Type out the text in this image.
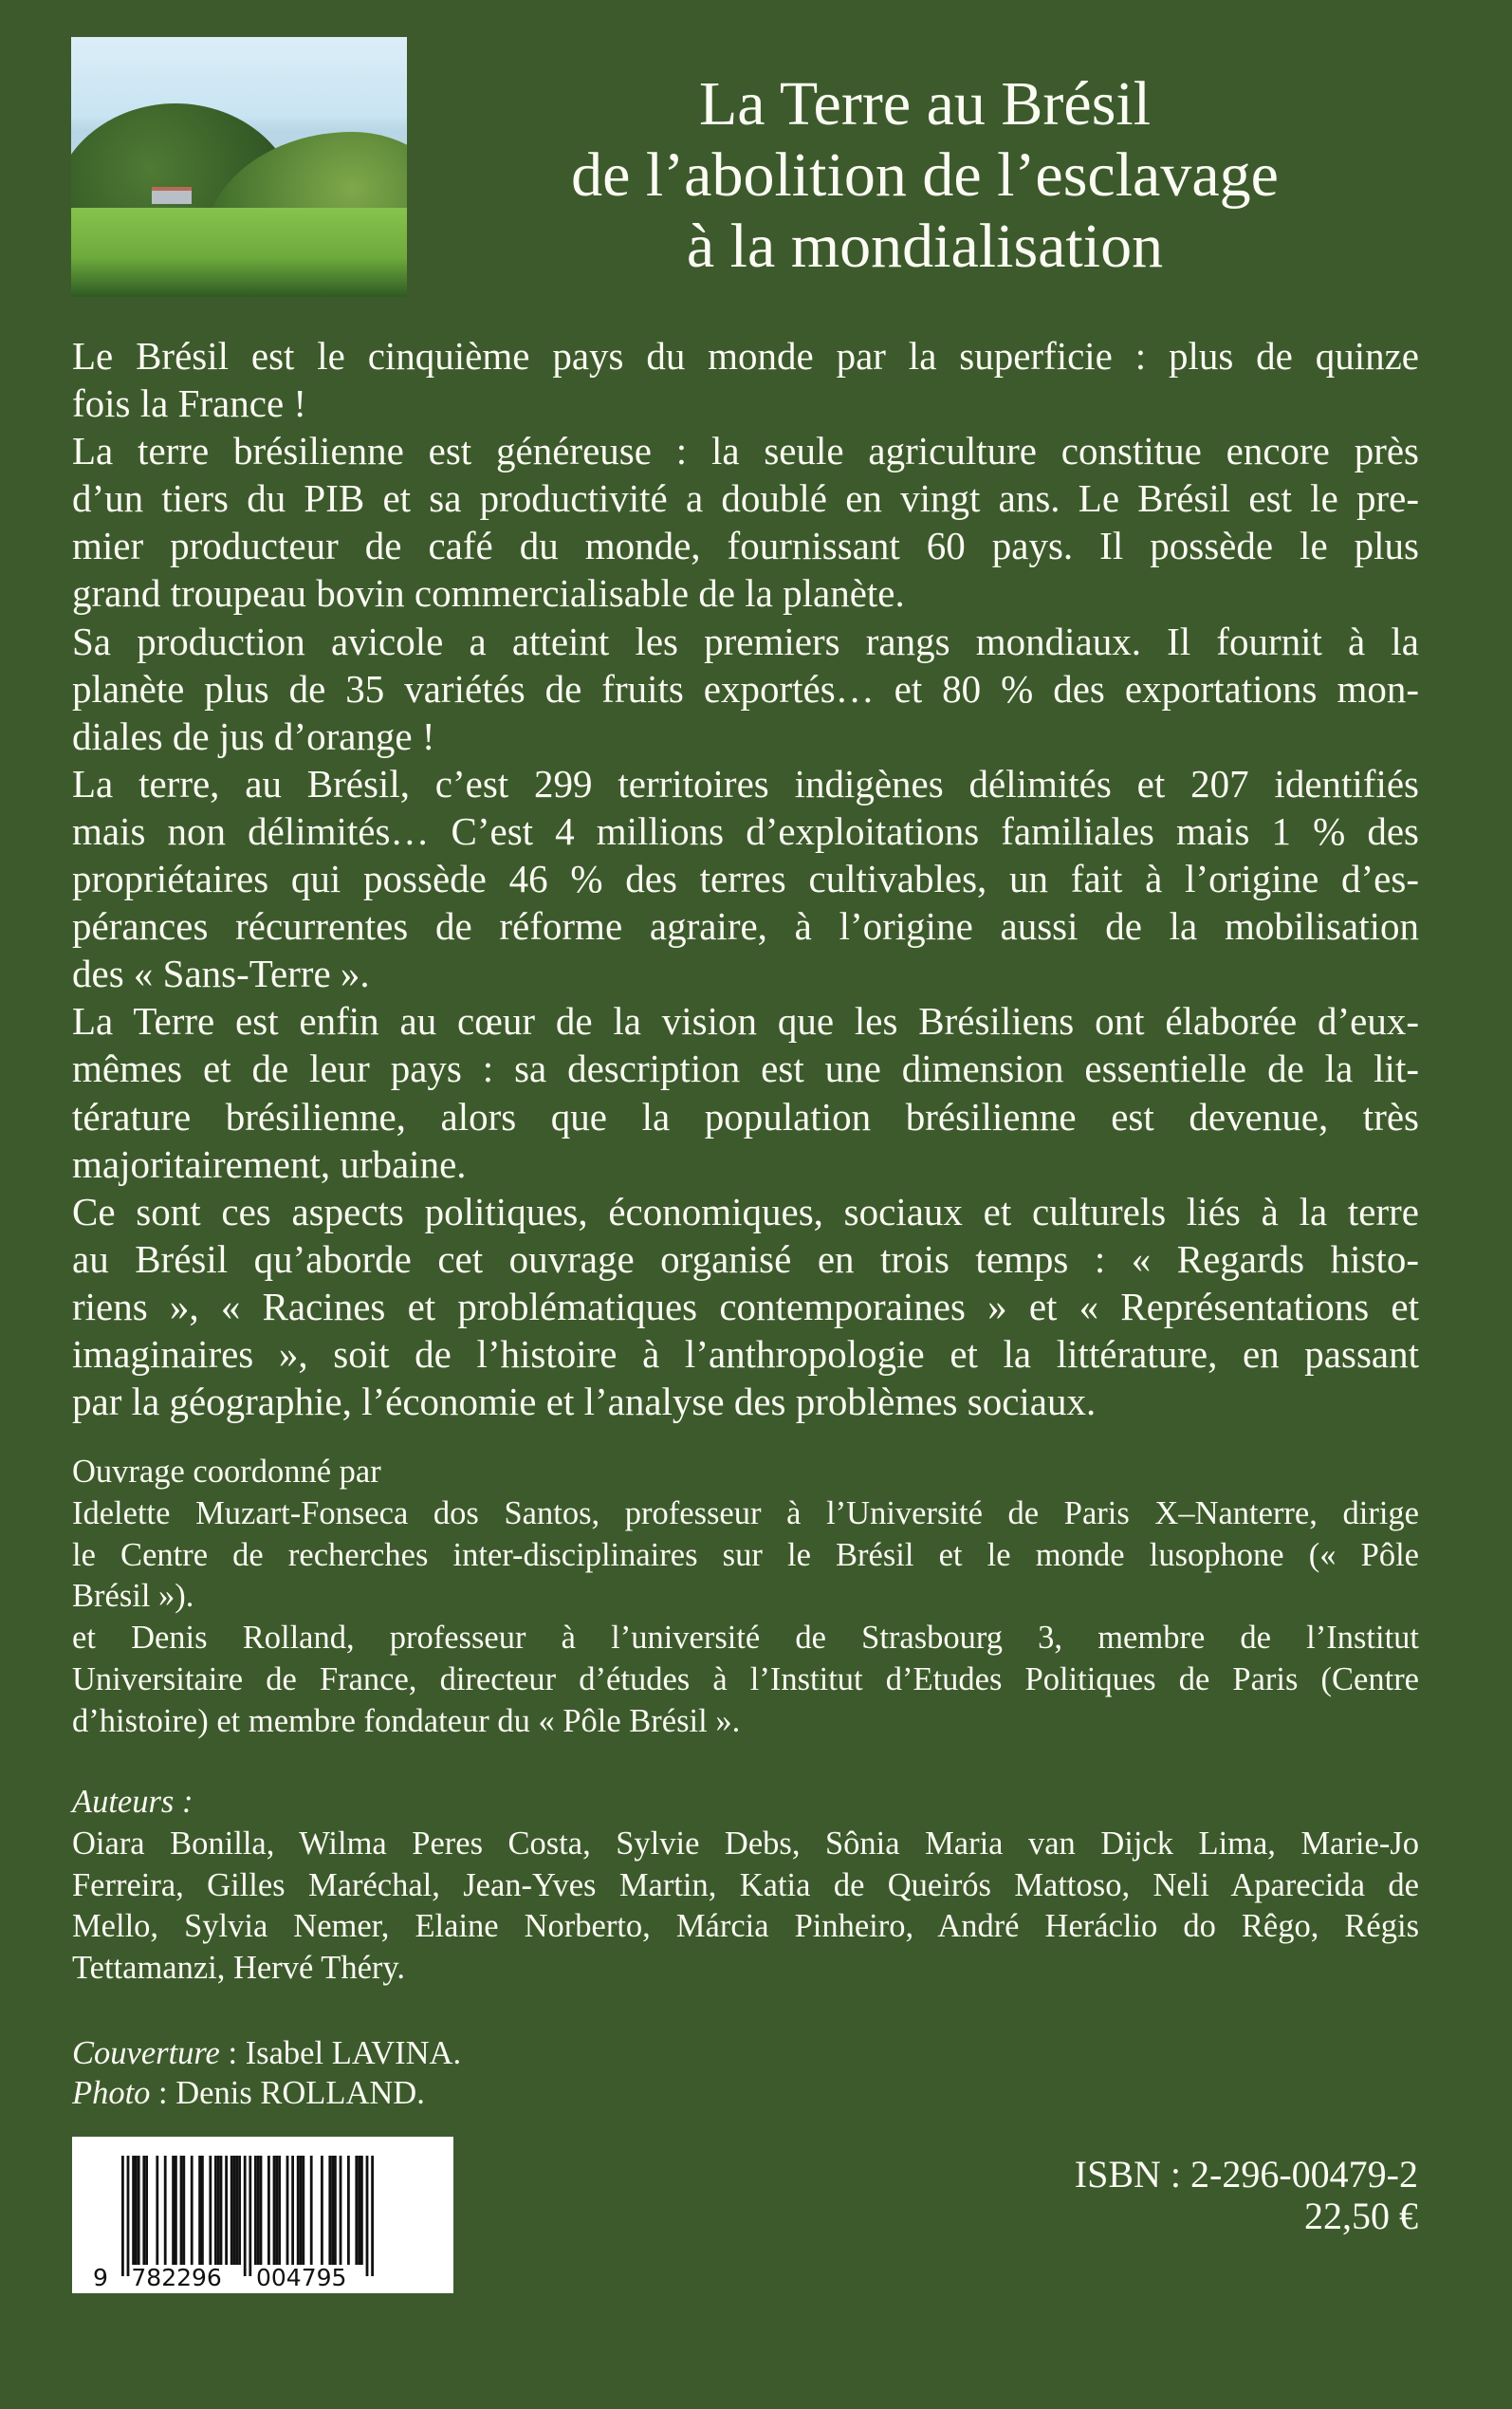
La Terre au Brésil
de l’abolition de l’esclavage
à la mondialisation
Le Brésil est le cinquième pays du monde par la superficie : plus de quinze
fois la France !
La terre brésilienne est généreuse : la seule agriculture constitue encore près
d’un tiers du PIB et sa productivité a doublé en vingt ans. Le Brésil est le pre-
mier producteur de café du monde, fournissant 60 pays. Il possède le plus
grand troupeau bovin commercialisable de la planète.
Sa production avicole a atteint les premiers rangs mondiaux. Il fournit à la
planète plus de 35 variétés de fruits exportés… et 80 % des exportations mon-
diales de jus d’orange !
La terre, au Brésil, c’est 299 territoires indigènes délimités et 207 identifiés
mais non délimités… C’est 4 millions d’exploitations familiales mais 1 % des
propriétaires qui possède 46 % des terres cultivables, un fait à l’origine d’es-
pérances récurrentes de réforme agraire, à l’origine aussi de la mobilisation
des « Sans-Terre ».
La Terre est enfin au cœur de la vision que les Brésiliens ont élaborée d’eux-
mêmes et de leur pays : sa description est une dimension essentielle de la lit-
térature brésilienne, alors que la population brésilienne est devenue, très
majoritairement, urbaine.
Ce sont ces aspects politiques, économiques, sociaux et culturels liés à la terre
au Brésil qu’aborde cet ouvrage organisé en trois temps : « Regards histo-
riens », « Racines et problématiques contemporaines » et « Représentations et
imaginaires », soit de l’histoire à l’anthropologie et la littérature, en passant
par la géographie, l’économie et l’analyse des problèmes sociaux.
Ouvrage coordonné par
Idelette Muzart-Fonseca dos Santos, professeur à l’Université de Paris X–Nanterre, dirige
le Centre de recherches inter-disciplinaires sur le Brésil et le monde lusophone (« Pôle
Brésil »).
et Denis Rolland, professeur à l’université de Strasbourg 3, membre de l’Institut
Universitaire de France, directeur d’études à l’Institut d’Etudes Politiques de Paris (Centre
d’histoire) et membre fondateur du « Pôle Brésil ».
Auteurs :
Oiara Bonilla, Wilma Peres Costa, Sylvie Debs, Sônia Maria van Dijck Lima, Marie-Jo
Ferreira, Gilles Maréchal, Jean-Yves Martin, Katia de Queirós Mattoso, Neli Aparecida de
Mello, Sylvia Nemer, Elaine Norberto, Márcia Pinheiro, André Heráclio do Rêgo, Régis
Tettamanzi, Hervé Théry.
Couverture : Isabel LAVINA.
Photo : Denis ROLLAND.
9 782296 004795
ISBN : 2-296-00479-2
22,50 €
